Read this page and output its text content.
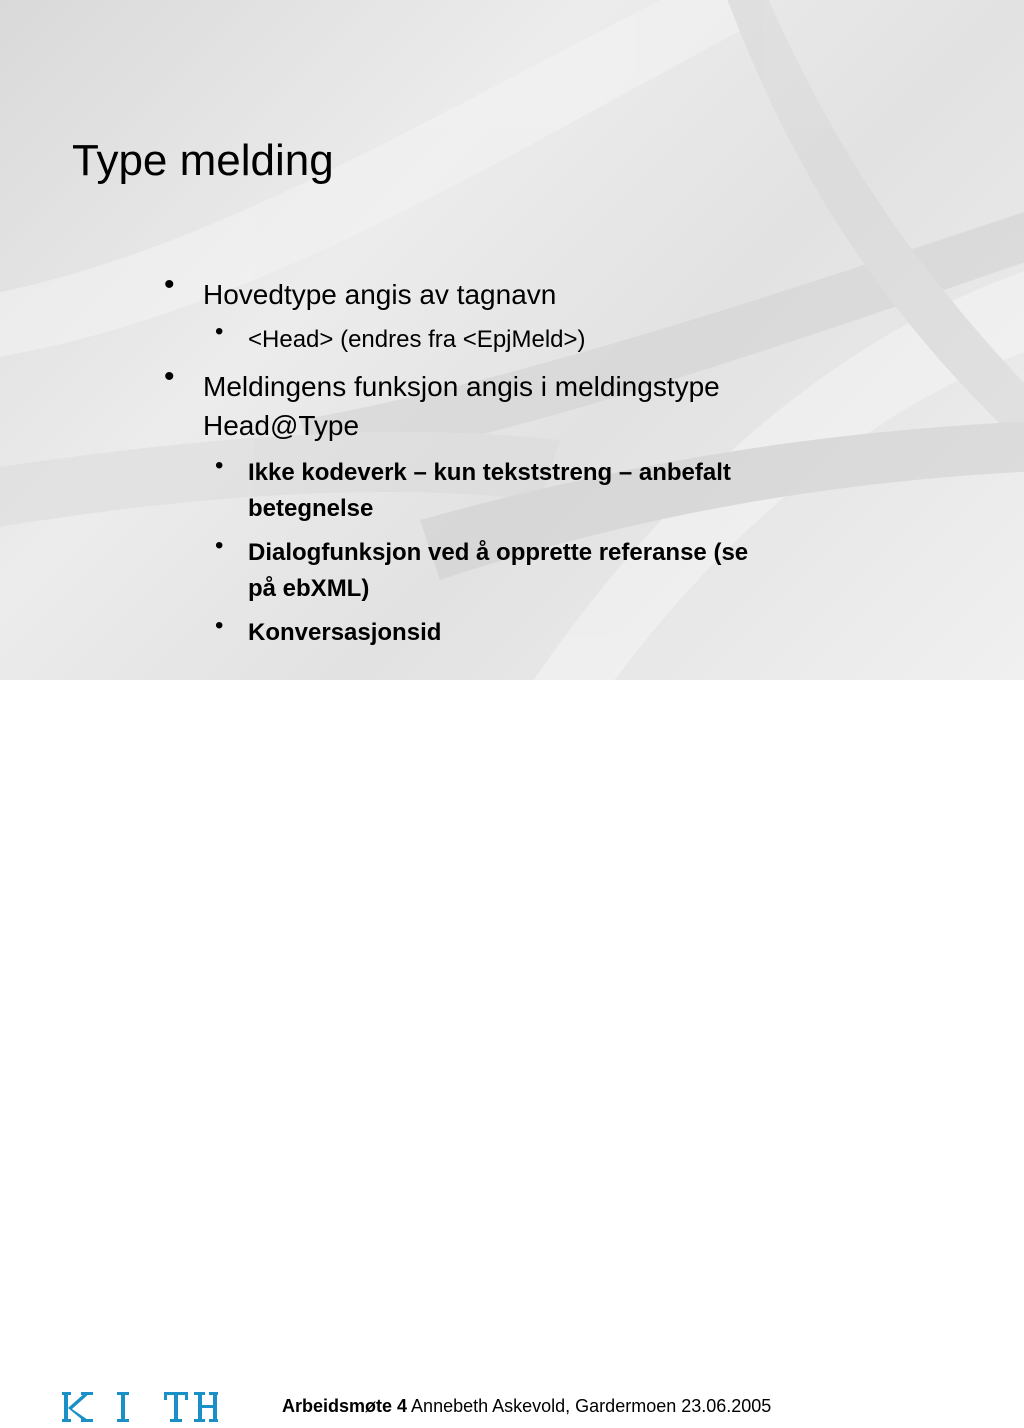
Type melding
• Hovedtype angis av tagnavn
• <Head> (endres fra <EpjMeld>)
• Meldingens funksjon angis i meldingstype
Head@Type
• Ikke kodeverk – kun tekststreng – anbefalt
betegnelse
• Dialogfunksjon ved å opprette referanse (se
på ebXML)
• Konversasjonsid
Arbeidsmøte 4 Annebeth Askevold, Gardermoen 23.06.2005
